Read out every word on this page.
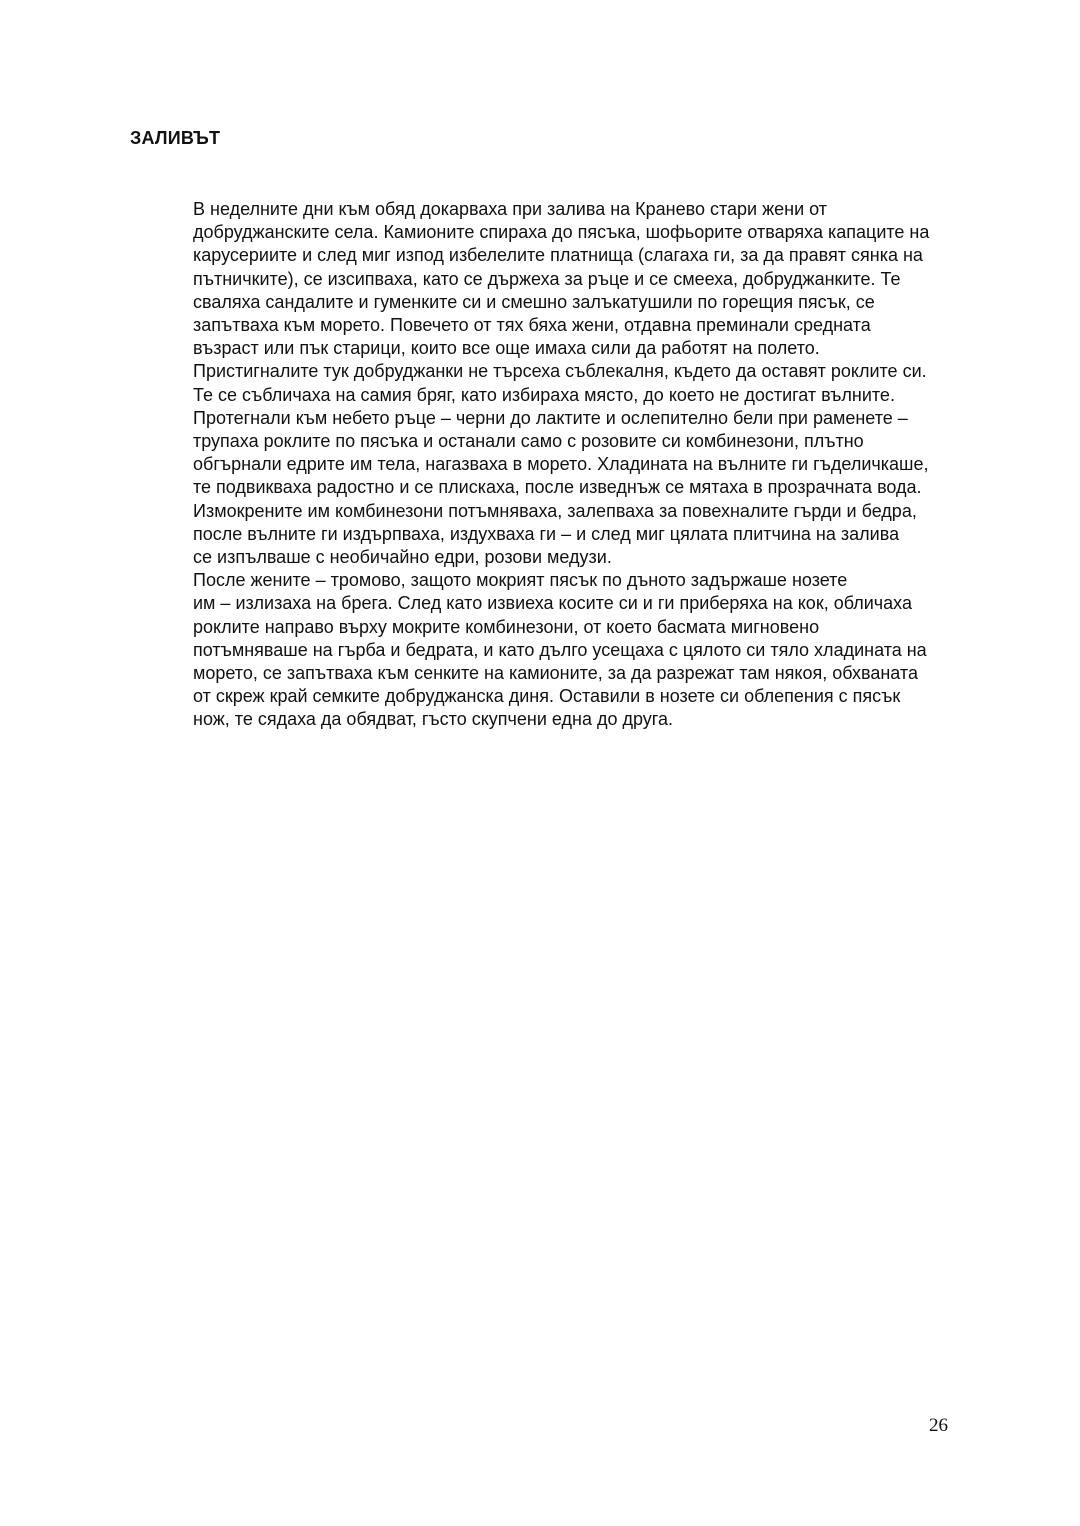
ЗАЛИВЪТ

В неделните дни към обяд докарваха при залива на Кранево стари жени от
добруджанските села. Камионите спираха до пясъка, шофьорите отваряха капаците на
карусериите и след миг изпод избелелите платнища (слагаха ги, за да правят сянка на
пътничките), се изсипваха, като се държеха за ръце и се смееха, добруджанките. Те
сваляха сандалите и гуменките си и смешно залъкатушили по горещия пясък, се
запътваха към морето. Повечето от тях бяха жени, отдавна преминали средната
възраст или пък старици, които все още имаха сили да работят на полето.
Пристигналите тук добруджанки не търсеха съблекалня, където да оставят роклите си.
Те се събличаха на самия бряг, като избираха място, до което не достигат вълните.
Протегнали към небето ръце – черни до лактите и ослепително бели при раменете –
трупаха роклите по пясъка и останали само с розовите си комбинезони, плътно
обгърнали едрите им тела, нагазваха в морето. Хладината на вълните ги гъделичкаше,
те подвикваха радостно и се плискаха, после изведнъж се мятаха в прозрачната вода.
Измокрените им комбинезони потъмняваха, залепваха за повехналите гърди и бедра,
после вълните ги издърпваха, издухваха ги – и след миг цялата плитчина на залива
се изпълваше с необичайно едри, розови медузи.

После жените – тромово, защото мокрият пясък по дъното задържаше нозете
им – излизаха на брега. След като извиеха косите си и ги приберяха на кок, обличаха
роклите направо върху мокрите комбинезони, от което басмата мигновено
потъмняваше на гърба и бедрата, и като дълго усещаха с цялото си тяло хладината на
морето, се запътваха към сенките на камионите, за да разрежат там някоя, обхваната
от скреж край семките добруджанска диня. Оставили в нозете си облепения с пясък
нож, те сядаха да обядват, гъсто скупчени една до друга.

26
